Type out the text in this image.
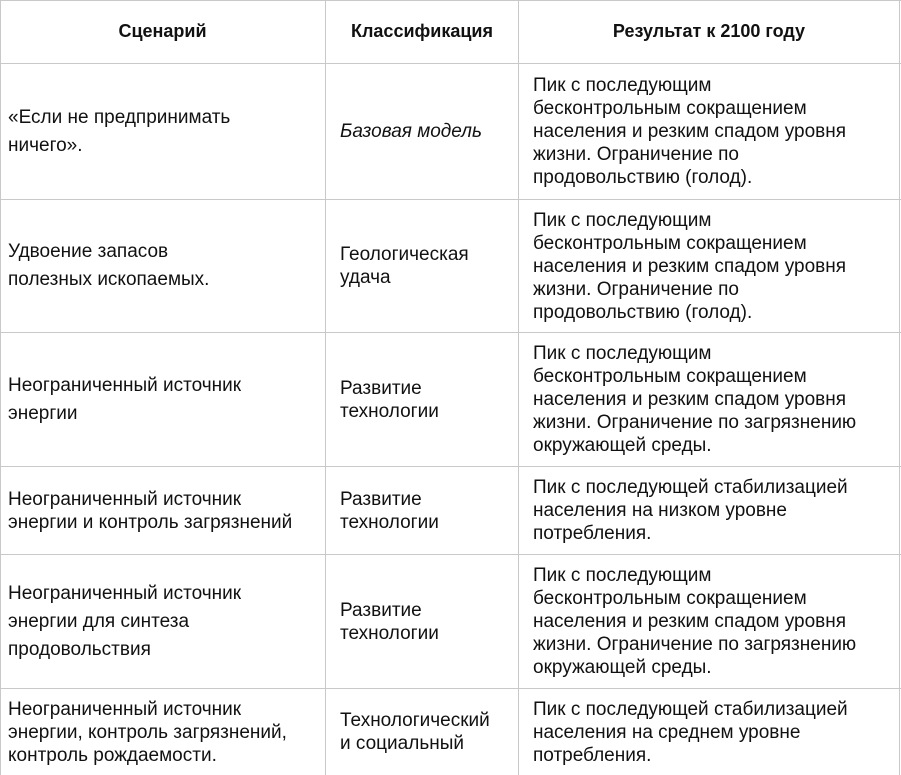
Сценарий	Классификация	Результат к 2100 году
«Если не предпринимать
ничего».
Базовая модель
Пик с последующим
бесконтрольным сокращением
населения и резким спадом уровня
жизни. Ограничение по
продовольствию (голод).
Удвоение запасов
полезных ископаемых.
Геологическая
удача
Пик с последующим
бесконтрольным сокращением
населения и резким спадом уровня
жизни. Ограничение по
продовольствию (голод).
Неограниченный источник
энергии
Развитие
технологии
Пик с последующим
бесконтрольным сокращением
населения и резким спадом уровня
жизни. Ограничение по загрязнению
окружающей среды.
Неограниченный источник
энергии и контроль загрязнений
Развитие
технологии
Пик с последующей стабилизацией
населения на низком уровне
потребления.
Неограниченный источник
энергии для синтеза
продовольствия
Развитие
технологии
Пик с последующим
бесконтрольным сокращением
населения и резким спадом уровня
жизни. Ограничение по загрязнению
окружающей среды.
Неограниченный источник
энергии, контроль загрязнений,
контроль рождаемости.
Технологический
и социальный
Пик с последующей стабилизацией
населения на среднем уровне
потребления.
